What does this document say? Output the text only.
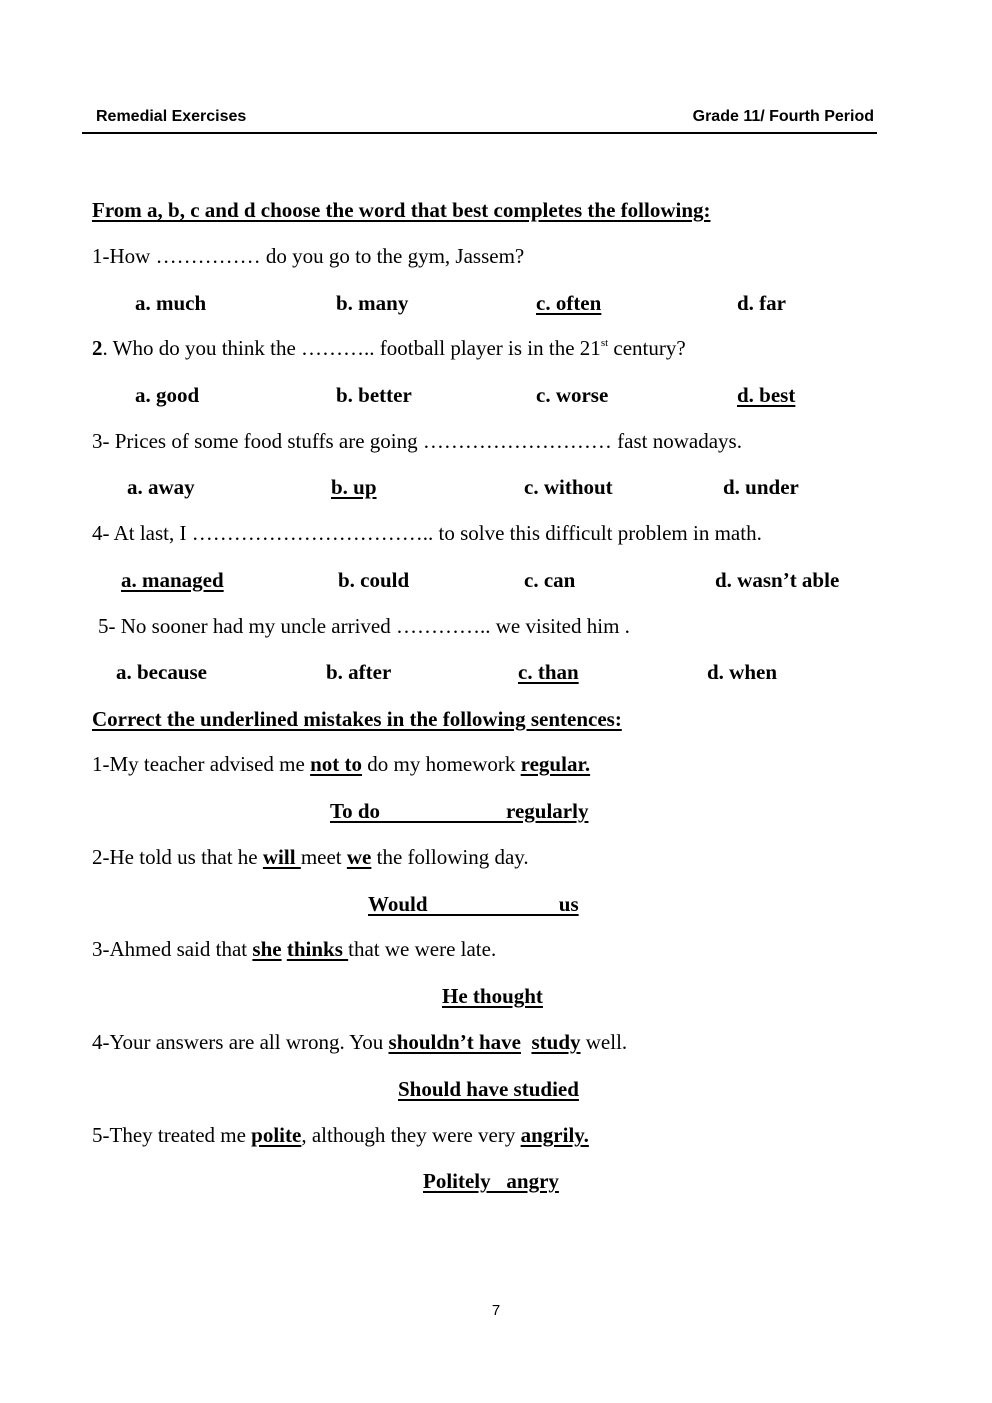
Remedial Exercises	Grade 11/ Fourth Period
From a, b, c and d choose the word that best completes the following:
1-How …………… do you go to the gym, Jassem?
a. much	b. many	c. often	d. far
2. Who do you think the ……….. football player is in the 21st century?
a. good	b. better	c. worse	d. best
3- Prices of some food stuffs are going ……………………… fast nowadays.
a. away	b. up	c. without	d. under
4- At last, I …………………………….. to solve this difficult problem in math.
a. managed	b. could	c. can	d. wasn’t able
5- No sooner had my uncle arrived ………….. we visited him .
a. because	b. after	c. than	d. when
Correct the underlined mistakes in the following sentences:
1-My teacher advised me not to do my homework regular.
To do                        regularly
2-He told us that he will meet we the following day.
Would                         us
3-Ahmed said that she thinks that we were late.
He thought
4-Your answers are all wrong. You shouldn’t have study well.
Should have studied
5-They treated me polite, although they were very angrily.
Politely   angry
7
